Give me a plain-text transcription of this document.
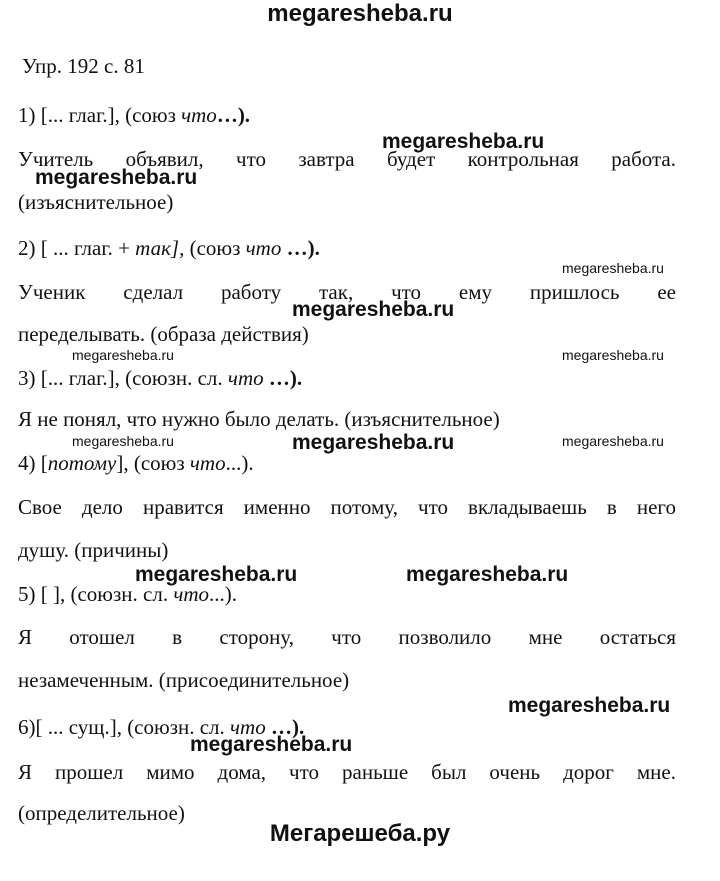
megaresheba.ru
Упр. 192 с. 81
1) [... глаг.], (союз что…).
Учитель объявил, что завтра будет контрольная работа.
(изъяснительное)
2) [ ... глаг. + так], (союз что …).
Ученик сделал работу так, что ему пришлось ее
переделывать. (образа действия)
3) [... глаг.], (союзн. сл. что …).
Я не понял, что нужно было делать. (изъяснительное)
4) [потому], (союз что...).
Свое дело нравится именно потому, что вкладываешь в него
душу. (причины)
5) [ ], (союзн. сл. что...).
Я отошел в сторону, что позволило мне остаться
незамеченным. (присоединительное)
6)[ ... сущ.], (союзн. сл. что …).
Я прошел мимо дома, что раньше был очень дорог мне.
(определительное)
megaresheba.ru
megaresheba.ru
megaresheba.ru
megaresheba.ru
megaresheba.ru	megaresheba.ru
megaresheba.ru	megaresheba.ru	megaresheba.ru
megaresheba.ru	megaresheba.ru
megaresheba.ru
megaresheba.ru
Мегарешеба.ру
